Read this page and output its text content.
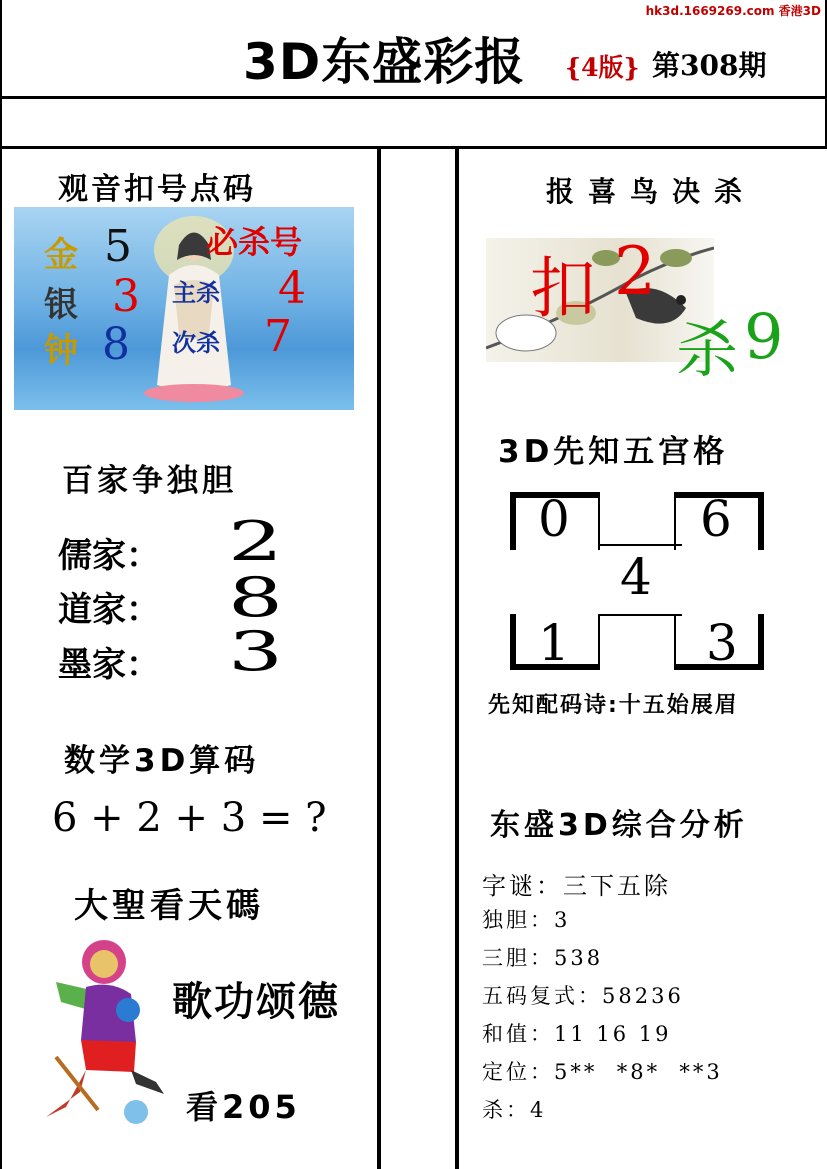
hk3d.1669269.com 香港3D
3D东盛彩报 {4版} 第308期
观音扣号点码
金 5
银 3
钟 8
必杀号
主杀 4
次杀 7
百家争独胆
儒家： 2
道家： 8
墨家： 3
数学3D算码
6 + 2 + 3 = ?
大聖看天碼
歌功颂德
看205
报喜鸟决杀
扣 2
杀 9
3D先知五宫格
0	6
4
1	3
先知配码诗:十五始展眉
东盛3D综合分析
字谜：三下五除
独胆：3
三胆：538
五码复式：58236
和值：11 16 19
定位：5**  *8*  **3
杀：4
